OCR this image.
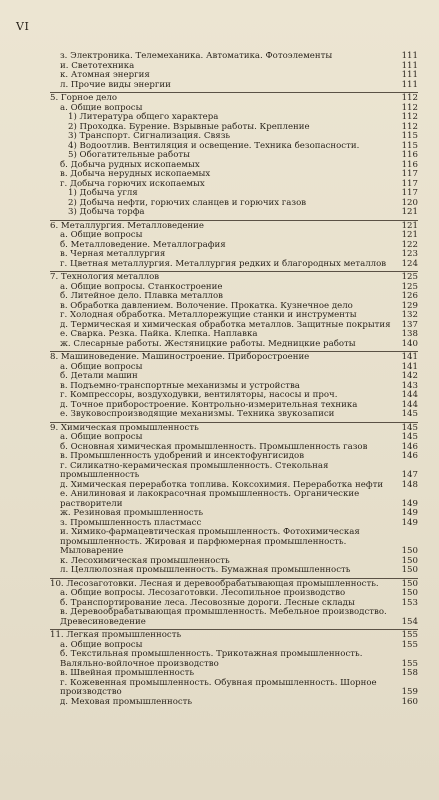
VI
з. Электроника. Телемеханика. Автоматика. Фотоэлементы	111
и. Светотехника	111
к. Атомная энергия	111
л. Прочие виды энергии	111
5. Горное дело	112
а. Общие вопросы	112
1) Литература общего характера	112
2) Проходка. Бурение. Взрывные работы. Крепление	112
3) Транспорт. Сигнализация. Связь	115
4) Водоотлив. Вентиляция и освещение. Техника безопасности.	115
5) Обогатительные работы	116
б. Добыча рудных ископаемых	116
в. Добыча нерудных ископаемых	117
г. Добыча горючих ископаемых	117
1) Добыча угля	117
2) Добыча нефти, горючих сланцев и горючих газов	120
3) Добыча торфа	121
6. Металлургия. Металловедение	121
а. Общие вопросы	121
б. Металловедение. Металлография	122
в. Черная металлургия	123
г. Цветная металлургия. Металлургия редких и благородных металлов 124
7. Технология металлов	125
а. Общие вопросы. Станкостроение	125
б. Литейное дело. Плавка металлов	126
в. Обработка давлением. Волочение. Прокатка. Кузнечное дело	129
г. Холодная обработка. Металлорежущие станки и инструменты	132
д. Термическая и химическая обработка металлов. Защитные покрытия 137
е. Сварка. Резка. Пайка. Клепка. Наплавка	138
ж. Слесарные работы. Жестяницкие работы. Медницкие работы	140
8. Машиноведение. Машиностроение. Приборостроение	141
а. Общие вопросы	141
б. Детали машин	142
в. Подъемно-транспортные механизмы и устройства	143
г. Компрессоры, воздуходувки, вентиляторы, насосы и проч.	144
д. Точное приборостроение. Контрольно-измерительная техника	144
е. Звуковоспроизводящие механизмы. Техника звукозаписи	145
9. Химическая промышленность	145
а. Общие вопросы	145
б. Основная химическая промышленность. Промышленность газов	146
в. Промышленность удобрений и инсектофунгисидов	146
г. Силикатно-керамическая промышленность. Стекольная промышленность	147
д. Химическая переработка топлива. Коксохимия. Переработка нефти 148
е. Анилиновая и лакокрасочная промышленность. Органические растворители	149
ж. Резиновая промышленность	149
з. Промышленность пластмасс	149
и. Химико-фармацевтическая промышленность. Фотохимическая промышленность. Жировая и парфюмерная промышленность. Мыловарение	150
к. Лесохимическая промышленность	150
л. Целлюлозная промышленность. Бумажная промышленность	150
10. Лесозаготовки. Лесная и деревообрабатывающая промышленность.	150
а. Общие вопросы. Лесозаготовки. Лесопильное производство	150
б. Транспортирование леса. Лесовозные дороги. Лесные склады	153
в. Деревообрабатывающая промышленность. Мебельное производство. Древесиноведение	154
11. Легкая промышленность	155
а. Общие вопросы	155
б. Текстильная промышленность. Трикотажная промышленность. Валяльно-войлочное производство	155
в. Швейная промышленность	158
г. Кожевенная промышленность. Обувная промышленность. Шорное производство	159
д. Меховая промышленность	160
